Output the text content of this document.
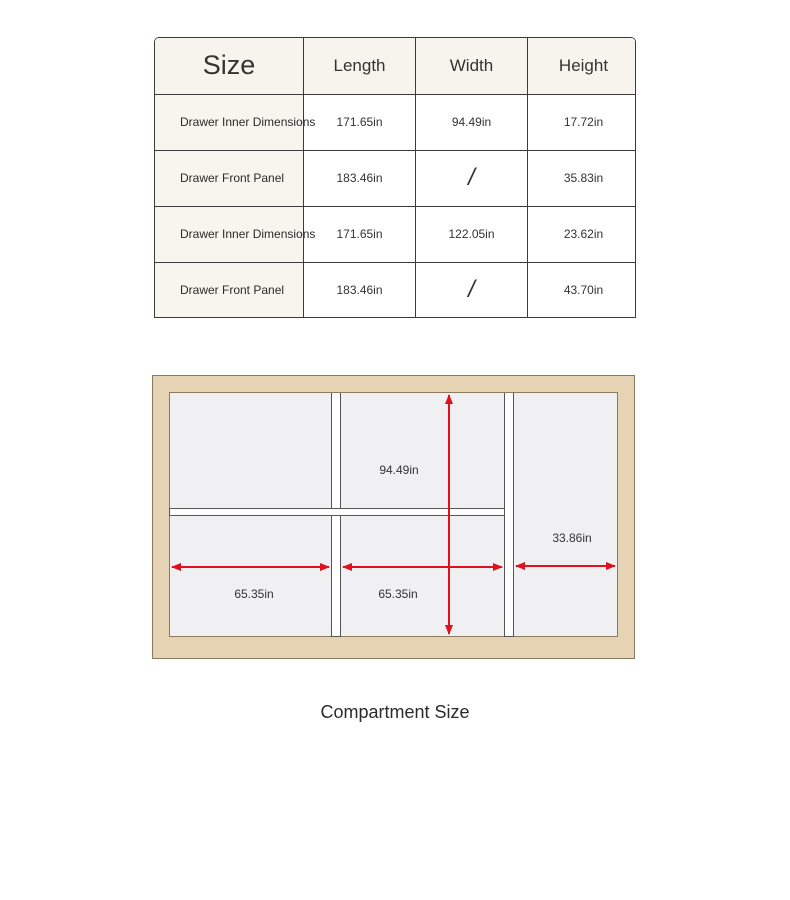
Size	Length	Width	Height
Drawer Inner Dimensions	171.65in	94.49in	17.72in
Drawer Front Panel	183.46in	/	35.83in
Drawer Inner Dimensions	171.65in	122.05in	23.62in
Drawer Front Panel	183.46in	/	43.70in
94.49in
65.35in	65.35in
33.86in
Compartment Size
